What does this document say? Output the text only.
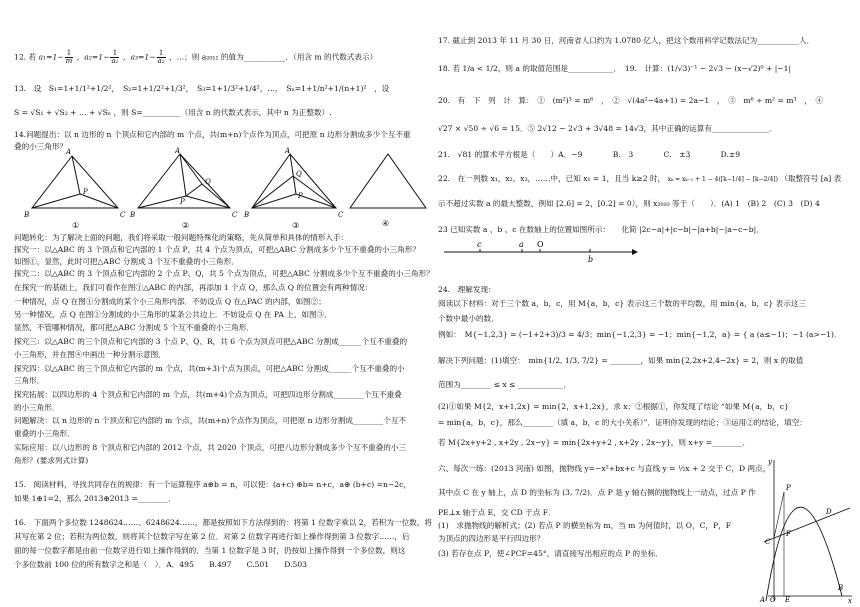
12. 若 $a_1=1- \frac{1}{m}$ ，$a_2=1- \frac{1}{\text{a₁}}$ ，$a_3=1- \frac{1}{\text{a₂}}$ ，…；则 a₂₀₁₁ 的值为___________．（用含 m 的代数式表示）
13.　设　S₁=1+1/1²+1/2²，　S₂=1+1/2²+1/3²，　S₃=1+1/3²+1/4²，…，　Sₙ=1+1/n²+1/(n+1)²　，设
S = √S₁ + √S₂ + … + √Sₙ ，则 S=__________（用含 n 的代数式表示，其中 n 为正整数）.
14.问题提出：以 n 边形的 n 个顶点和它内部的 m 个点，共(m+n)个点作为顶点，可把原 n 边形分割成多少个互不重
叠的小三角形？
A
B	C
P
①
A
B	C
P
Q
②
A
B	C
P
Q
③	④
问题转化：为了解决上面的问题，我们将采取一般问题特殊化的策略，先从简单和具体的情形入手：
探究一：以△ABC 的 3 个顶点和它内部的 1 个点 P，共 4 个点为顶点，可把△ABC 分割成多少个互不重叠的小三角形？
如图①，显然，此时可把△ABC 分割成 3 个互不重叠的小三角形．
探究二：以△ABC 的 3 个顶点和它内部的 2 个点 P、Q，共 5 个点为顶点，可把△ABC 分割成多少个互不重叠的小三角形？
在探究一的基础上，我们可看作在图①△ABC 的内部，再添加 1 个点 Q，那么点 Q 的位置会有两种情况：
一种情况，点 Q 在图①分割成的某个小三角形内部．不妨设点 Q 在△PAC 的内部，如图②；
另一种情况，点 Q 在图①分割成的小三角形的某条公共边上．不妨设点 Q 在 PA 上，如图③．
显然，不管哪种情况，都可把△ABC 分割成 5 个互不重叠的小三角形．
探究三：以△ABC 的三个顶点和它内部的 3 个点 P、Q、R，共 6 个点为顶点可把△ABC 分割成______个互不重叠的
小三角形，并在图④中画出一种分割示意图．
探究四：以△ABC 的三个顶点和它内部的 m 个点，共(m+3)个点为顶点，可把△ABC 分割成______个互不重叠的小
三角形．
探究拓展：以四边形的 4 个顶点和它内部的 m 个点，共(m+4)个点为顶点，可把四边形分割成________个互不重叠
的小三角形．
问题解决：以 n 边形的 n 个顶点和它内部的 m 个点，共(m+n)个点作为顶点，可把原 n 边形分割成________个互不
重叠的小三角形．
实际应用：以八边形的 8 个顶点和它内部的 2012 个点，共 2020 个顶点，可把八边形分割成多少个互不重叠的小三
角形？(要求列式计算)
15.　阅读材料，寻找共同存在的规律：有一个运算程序 a⊕b = n，可以使：(a+c) ⊕b= n+c，a⊕ (b+c) =n−2c，
如果 1⊕1=2，那么 2013⊕2013 =________．
16.　下面两个多位数 1248624……、6248624……，都是按照如下方法得到的：将第 1 位数字乘以 2，若积为一位数，将
其写在第 2 位；若积为两位数，则将其个位数字写在第 2 位．对第 2 位数字再进行如上操作得到第 3 位数字……，后
面的每一位数字都是由前一位数字进行如上操作得到的．当第 1 位数字是 3 时，仍按如上操作得到一个多位数，则这
个多位数前 100 位的所有数字之和是（　）．A．495　　B.497　　C.501　　D.503
17. 截止到 2013 年 11 月 30 日，河南省人口约为 1.0780 亿人，把这个数用科学记数法记为___________人．
18. 若 1/a < 1/2，则 a 的取值范围是____________．　19.　计算：(1/√3)⁻¹ − 2√3 − (x−√2)⁰ + |−1|
20.　有　下　列　计　算：　①　(m²)³ = m⁶　，　②　√(4a²−4a+1) = 2a−1　，　③　m⁶ ÷ m² = m³　，　④
√27 × √50 ÷ √6 = 15．⑤ 2√12 − 2√3 + 3√48 = 14√3，其中正确的运算有_______________．
21.　√81 的算术平方根是（　　）A．−9　　　　B.　3　　　　C.　±3　　　　D.±9
22.　在一列数 x₁，x₂，x₃，……中，已知 x₁ = 1，且当 k≥2 时， xₖ = xₖ₋₁ + 1 − 4([k−1/4] − [k−2/4]) （取整符号 [a] 表
示不超过实数 a 的最大整数，例如 [2.6] = 2，[0.2] = 0），则 x₂₀₁₀ 等于（　　）．(A) 1　(B) 2　(C) 3　(D) 4
23 已知实数 a 、b 、c 在数轴上的位置如图所示：　　化简 |2c−a|+|c−b|−|a+b|−|a−c−b|．
c	a O
b
24.　理解发现：
阅读以下材料：对于三个数 a，b，c，用 M{a，b，c} 表示这三个数的平均数，用 min{a，b，c} 表示这三
个数中最小的数．
例如：　M{−1,2,3} = (−1+2+3)/3 = 4/3；min{−1,2,3} = −1；min{−1,2，a} = { a (a≤−1)；−1 (a>−1)．
解决下列问题：(1)填空：　min{1/2, 1/3, 7/2} = ________，如果 min{2,2x+2,4−2x} = 2，则 x 的取值
范围为________ ≤ x ≤ ____________．
(2)①如果 M{2，x+1,2x} = min{2，x+1,2x}，求 x；②根据①，你发现了结论 “如果 M{a，b，c}
= min{a，b，c}，那么________（填 a，b，c 的大小关系）”．证明你发现的结论；③运用②的结论，填空：
若 M{2x+y+2 , x+2y , 2x−y} = min{2x+y+2 , x+2y , 2x−y}，则 x+y =________．
六、每次一练：(2013 河南) 如图，抛物线 y=−x²+bx+c 与直线 y = ½x + 2 交于 C，D 两点，
其中点 C 在 y 轴上，点 D 的坐标为 (3, 7/2)．点 P 是 y 轴右侧的抛物线上一动点，过点 P 作
PE⊥x 轴于点 E，交 CD 于点 F．
(1)　求抛物线的解析式；(2) 若点 P 的横坐标为 m，当 m 为何值时，以 O，C，P，F
为顶点的四边形是平行四边形？
(3) 若存在点 P，使∠PCF=45°，请直接写出相应的点 P 的坐标．
y
x
P
D
C
F
A O E
B
